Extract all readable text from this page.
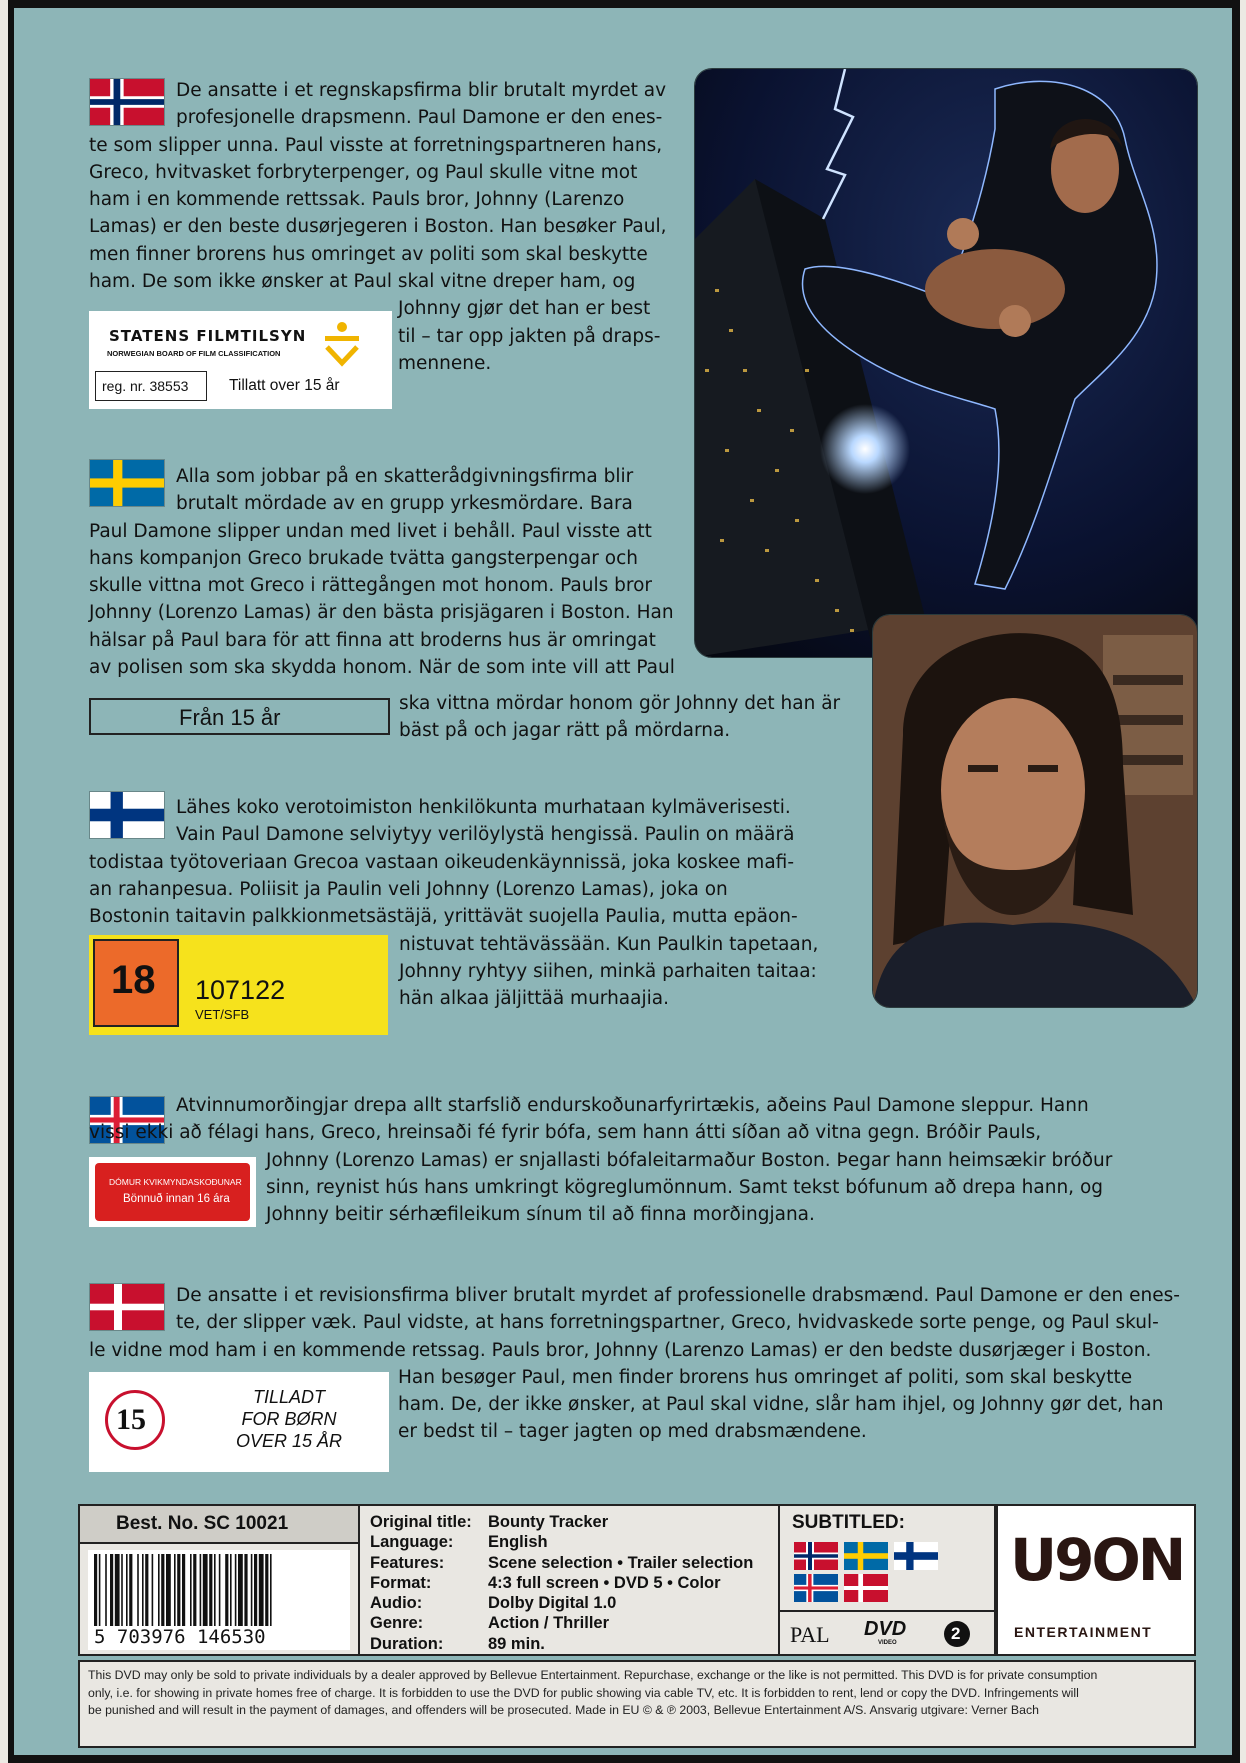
De ansatte i et regnskapsfirma blir brutalt myrdet av
profesjonelle drapsmenn. Paul Damone er den enes-
te som slipper unna. Paul visste at forretningspartneren hans,
Greco, hvitvasket forbryterpenger, og Paul skulle vitne mot
ham i en kommende rettssak. Pauls bror, Johnny (Larenzo
Lamas) er den beste dusørjegeren i Boston. Han besøker Paul,
men finner brorens hus omringet av politi som skal beskytte
ham. De som ikke ønsker at Paul skal vitne dreper ham, og
Johnny gjør det han er best
til – tar opp jakten på draps-
mennene.
STATENS FILMTILSYN
NORWEGIAN BOARD OF FILM CLASSIFICATION
reg. nr. 38553	Tillatt over 15 år
Alla som jobbar på en skatterådgivningsfirma blir
brutalt mördade av en grupp yrkesmördare. Bara
Paul Damone slipper undan med livet i behåll. Paul visste att
hans kompanjon Greco brukade tvätta gangsterpengar och
skulle vittna mot Greco i rättegången mot honom. Pauls bror
Johnny (Lorenzo Lamas) är den bästa prisjägaren i Boston. Han
hälsar på Paul bara för att finna att broderns hus är omringat
av polisen som ska skydda honom. När de som inte vill att Paul
Från 15 år
ska vittna mördar honom gör Johnny det han är
bäst på och jagar rätt på mördarna.
Lähes koko verotoimiston henkilökunta murhataan kylmäverisesti.
Vain Paul Damone selviytyy verilöylystä hengissä. Paulin on määrä
todistaa työtoveriaan Grecoa vastaan oikeudenkäynnissä, joka koskee mafi-
an rahanpesua. Poliisit ja Paulin veli Johnny (Lorenzo Lamas), joka on
Bostonin taitavin palkkionmetsästäjä, yrittävät suojella Paulia, mutta epäon-
nistuvat tehtävässään. Kun Paulkin tapetaan,
Johnny ryhtyy siihen, minkä parhaiten taitaa:
hän alkaa jäljittää murhaajia.
18 107122
VET/SFB
Atvinnumorðingjar drepa allt starfslið endurskoðunarfyrirtækis, aðeins Paul Damone sleppur. Hann
vissi ekki að félagi hans, Greco, hreinsaði fé fyrir bófa, sem hann átti síðan að vitna gegn. Bróðir Pauls,
Johnny (Lorenzo Lamas) er snjallasti bófaleitarmaður Boston. Þegar hann heimsækir bróður
sinn, reynist hús hans umkringt kögreglumönnum. Samt tekst bófunum að drepa hann, og
Johnny beitir sérhæfileikum sínum til að finna morðingjana.
DÓMUR KVIKMYNDASKOÐUNAR
Bönnuð innan 16 ára
De ansatte i et revisionsfirma bliver brutalt myrdet af professionelle drabsmænd. Paul Damone er den enes-
te, der slipper væk. Paul vidste, at hans forretningspartner, Greco, hvidvaskede sorte penge, og Paul skul-
le vidne mod ham i en kommende retssag. Pauls bror, Johnny (Larenzo Lamas) er den bedste dusørjæger i Boston.
Han besøger Paul, men finder brorens hus omringet af politi, som skal beskytte
ham. De, der ikke ønsker, at Paul skal vidne, slår ham ihjel, og Johnny gør det, han
er bedst til – tager jagten op med drabsmændene.
15
TILLADT
FOR BØRN
OVER 15 ÅR
Best. No. SC 10021
5 703976 146530
Original title:
Language:
Features:
Format:
Audio:
Genre:
Duration:
Bounty Tracker
English
Scene selection • Trailer selection
4:3 full screen • DVD 5 • Color
Dolby Digital 1.0
Action / Thriller
89 min.
SUBTITLED:
PAL DVD
VIDEO	2
U9ON
ENTERTAINMENT
This DVD may only be sold to private individuals by a dealer approved by Bellevue Entertainment. Repurchase, exchange or the like is not permitted. This DVD is for private consumption
only, i.e. for showing in private homes free of charge. It is forbidden to use the DVD for public showing via cable TV, etc. It is forbidden to rent, lend or copy the DVD. Infringements will
be punished and will result in the payment of damages, and offenders will be prosecuted. Made in EU © & ℗ 2003, Bellevue Entertainment A/S. Ansvarig utgivare: Verner Bach
